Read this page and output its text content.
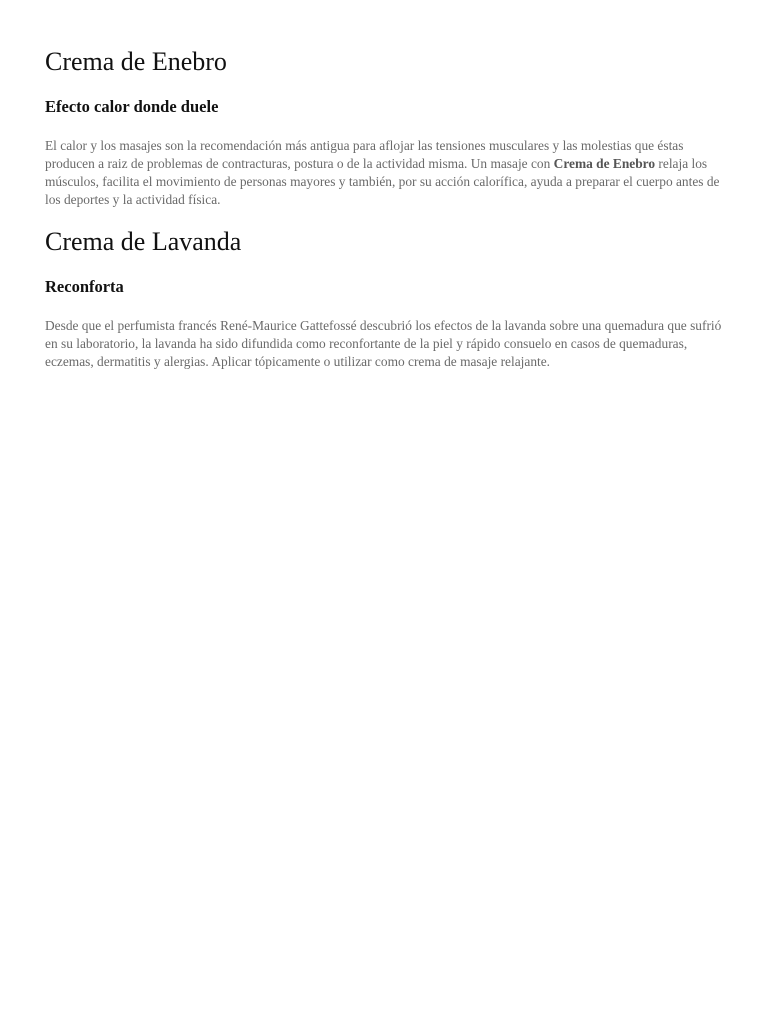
Crema de Enebro
Efecto calor donde duele

El calor y los masajes son la recomendación más antigua para aflojar las tensiones musculares y las molestias que éstas producen a raiz de problemas de contracturas, postura o de la actividad misma. Un masaje con Crema de Enebro relaja los músculos, facilita el movimiento de personas mayores y también, por su acción calorífica, ayuda a preparar el cuerpo antes de los deportes y la actividad física.

Crema de Lavanda
Reconforta

Desde que el perfumista francés René-Maurice Gattefossé descubrió los efectos de la lavanda sobre una quemadura que sufrió en su laboratorio, la lavanda ha sido difundida como reconfortante de la piel y rápido consuelo en casos de quemaduras, eczemas, dermatitis y alergias. Aplicar tópicamente o utilizar como crema de masaje relajante.
